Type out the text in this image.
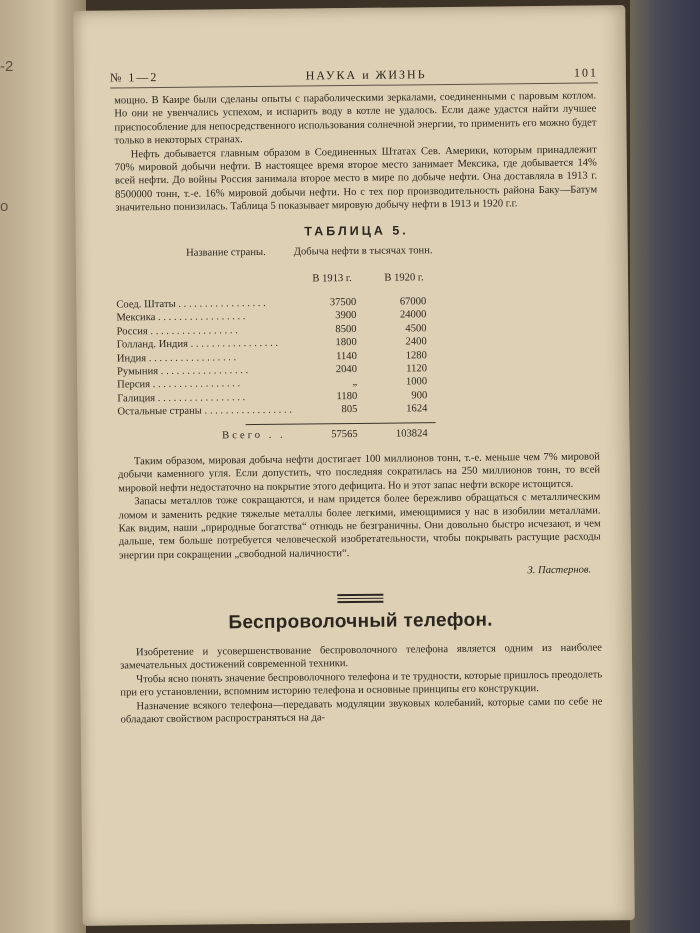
-2
о
№ 1—2	НАУКА и ЖИЗНЬ	101

мощно. В Каире были сделаны опыты с параболическими зеркалами, соединенными с паровым котлом. Но они не увенчались успехом, и испарить воду в котле не удалось. Если даже удастся найти лучшее приспособление для непосредственного использования солнечной энергии, то применить его можно будет только в некоторых странах.

Нефть добывается главным образом в Соединенных Штатах Сев. Америки, которым принадлежит 70% мировой добычи нефти. В настоящее время второе место занимает Мексика, где добывается 14% всей нефти. До войны Россия занимала второе место в мире по добыче нефти. Она доставляла в 1913 г. 8500000 тонн, т.-е. 16% мировой добычи нефти. Но с тех пор производительность района Баку—Батум значительно понизилась. Таблица 5 показывает мировую добычу нефти в 1913 и 1920 г.г.

ТАБЛИЦА 5.
Название страны.	Добыча нефти в тысячах тонн.
В 1913 г.	В 1920 г.
Соед. Штаты . . .	37500	67000
Мексика . . .	3900	24000
Россия . . .	8500	4500
Голланд. Индия . . .	1800	2400
Индия . . .	1140	1280
Румыния . . .	2040	1120
Персия . . .	„	1000
Галиция . . .	1180	900
Остальные страны . . .	805	1624
Всего . .	57565	103824

Таким образом, мировая добыча нефти достигает 100 миллионов тонн, т.-е. меньше чем 7% мировой добычи каменного угля. Если допустить, что последняя сократилась на 250 миллионов тонн, то всей мировой нефти недостаточно на покрытие этого дефицита. Но и этот запас нефти вскоре истощится.

Запасы металлов тоже сокращаются, и нам придется более бережливо обращаться с металлическим ломом и заменить редкие тяжелые металлы более легкими, имеющимися у нас в изобилии металлами. Как видим, наши „природные богатства“ отнюдь не безграничны. Они довольно быстро исчезают, и чем дальше, тем больше потребуется человеческой изобретательности, чтобы покрывать растущие расходы энергии при сокращении „свободной наличности“.

З. Пастернов.
Беспроволочный телефон.

Изобретение и усовершенствование беспроволочного телефона является одним из наиболее замечательных достижений современной техники.

Чтобы ясно понять значение беспроволочного телефона и те трудности, которые пришлось преодолеть при его установлении, вспомним историю телефона и основные принципы его конструкции.

Назначение всякого телефона—передавать модуляции звуковых колебаний, которые сами по себе не обладают свойством распространяться на да-
